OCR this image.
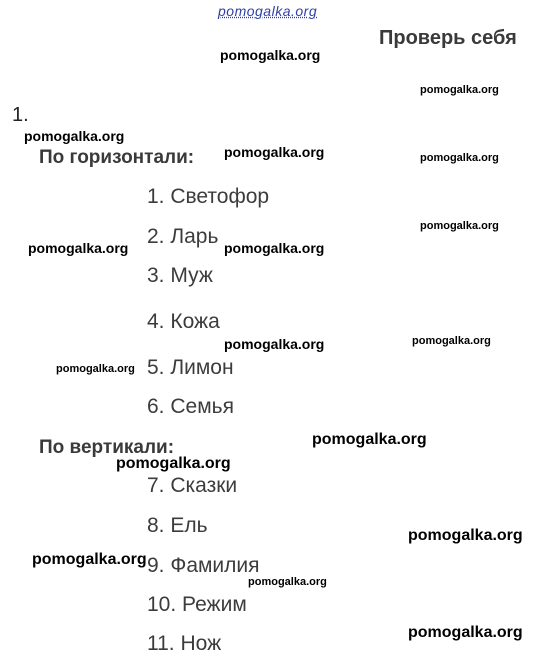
pomogalka.org
Проверь себя
1.
По горизонтали:
По вертикали:
1. Светофор
2. Ларь
3. Муж
4. Кожа
5. Лимон
6. Семья
7. Сказки
8. Ель
9. Фамилия
10. Режим
11. Нож
pomogalka.org
pomogalka.org
pomogalka.org
pomogalka.org	pomogalka.org
pomogalka.org
pomogalka.org	pomogalka.org
pomogalka.org	pomogalka.org
pomogalka.org
pomogalka.org
pomogalka.org
pomogalka.org
pomogalka.org
pomogalka.org
pomogalka.org
